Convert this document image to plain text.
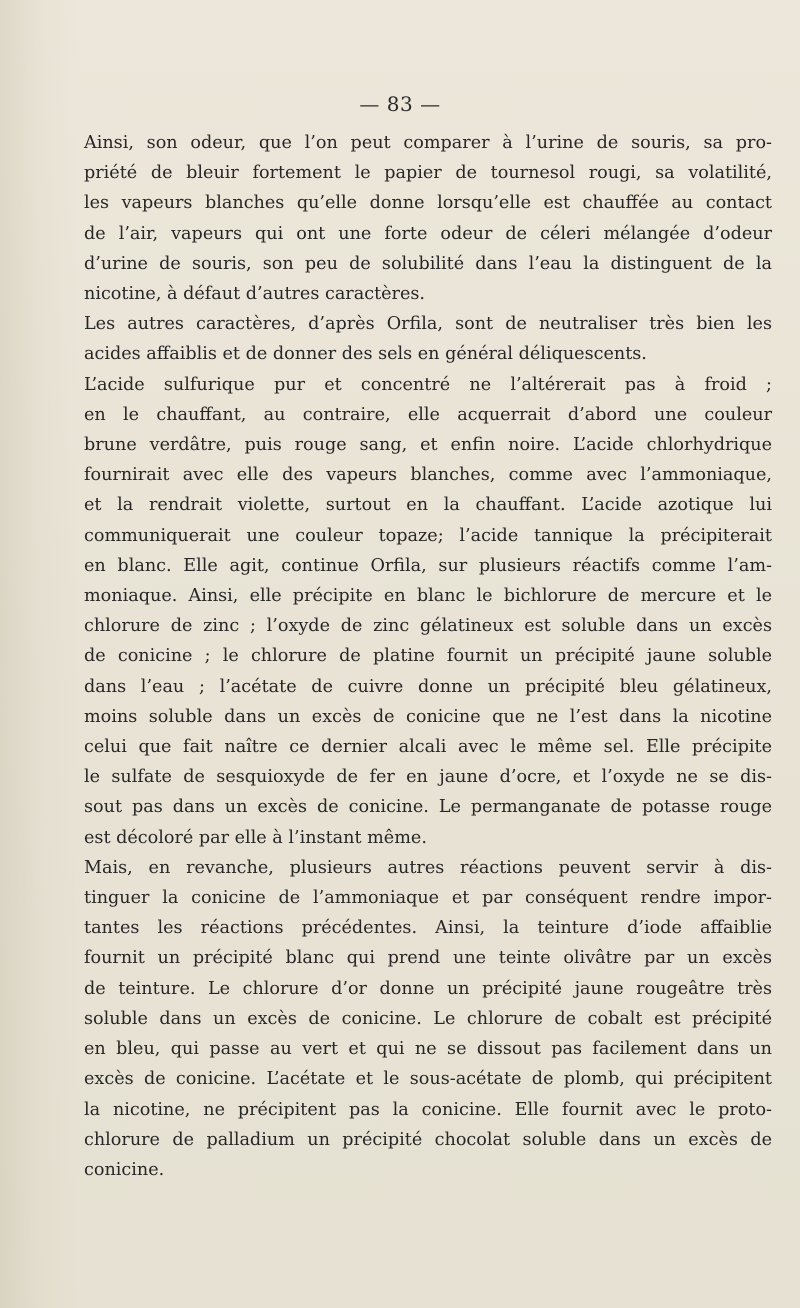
— 83 —

Ainsi, son odeur, que l’on peut comparer à l’urine de souris, sa pro-
priété de bleuir fortement le papier de tournesol rougi, sa volatilité,
les vapeurs blanches qu’elle donne lorsqu’elle est chauffée au contact
de l’air, vapeurs qui ont une forte odeur de céleri mélangée d’odeur
d’urine de souris, son peu de solubilité dans l’eau la distinguent de la
nicotine, à défaut d’autres caractères.

Les autres caractères, d’après Orfila, sont de neutraliser très bien les
acides affaiblis et de donner des sels en général déliquescents.

L’acide sulfurique pur et concentré ne l’altérerait pas à froid ;
en le chauffant, au contraire, elle acquerrait d’abord une couleur
brune verdâtre, puis rouge sang, et enfin noire. L’acide chlorhydrique
fournirait avec elle des vapeurs blanches, comme avec l’ammoniaque,
et la rendrait violette, surtout en la chauffant. L’acide azotique lui
communiquerait une couleur topaze; l’acide tannique la précipiterait
en blanc. Elle agit, continue Orfila, sur plusieurs réactifs comme l’am-
moniaque. Ainsi, elle précipite en blanc le bichlorure de mercure et le
chlorure de zinc ; l’oxyde de zinc gélatineux est soluble dans un excès
de conicine ; le chlorure de platine fournit un précipité jaune soluble
dans l’eau ; l’acétate de cuivre donne un précipité bleu gélatineux,
moins soluble dans un excès de conicine que ne l’est dans la nicotine
celui que fait naître ce dernier alcali avec le même sel. Elle précipite
le sulfate de sesquioxyde de fer en jaune d’ocre, et l’oxyde ne se dis-
sout pas dans un excès de conicine. Le permanganate de potasse rouge
est décoloré par elle à l’instant même.

Mais, en revanche, plusieurs autres réactions peuvent servir à dis-
tinguer la conicine de l’ammoniaque et par conséquent rendre impor-
tantes les réactions précédentes. Ainsi, la teinture d’iode affaiblie
fournit un précipité blanc qui prend une teinte olivâtre par un excès
de teinture. Le chlorure d’or donne un précipité jaune rougeâtre très
soluble dans un excès de conicine. Le chlorure de cobalt est précipité
en bleu, qui passe au vert et qui ne se dissout pas facilement dans un
excès de conicine. L’acétate et le sous-acétate de plomb, qui précipitent
la nicotine, ne précipitent pas la conicine. Elle fournit avec le proto-
chlorure de palladium un précipité chocolat soluble dans un excès de
conicine.
